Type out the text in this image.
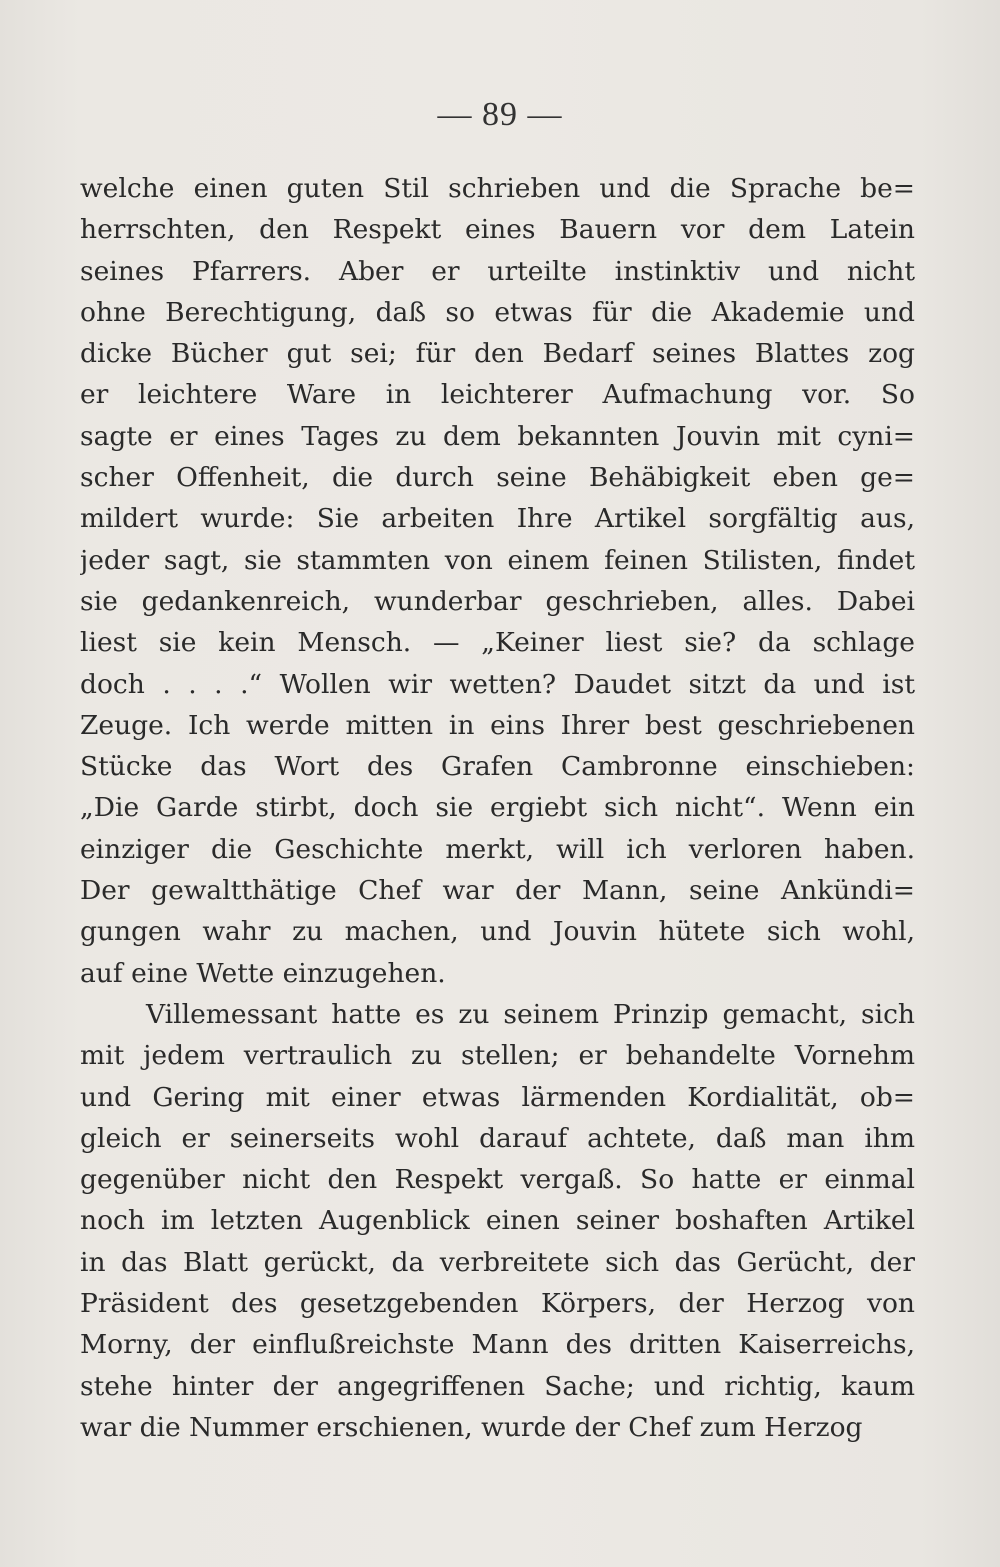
— 89 —
welche einen guten Stil schrieben und die Sprache be=
herrschten, den Respekt eines Bauern vor dem Latein
seines Pfarrers. Aber er urteilte instinktiv und nicht
ohne Berechtigung, daß so etwas für die Akademie und
dicke Bücher gut sei; für den Bedarf seines Blattes zog
er leichtere Ware in leichterer Aufmachung vor. So
sagte er eines Tages zu dem bekannten Jouvin mit cyni=
scher Offenheit, die durch seine Behäbigkeit eben ge=
mildert wurde: Sie arbeiten Ihre Artikel sorgfältig aus,
jeder sagt, sie stammten von einem feinen Stilisten, findet
sie gedankenreich, wunderbar geschrieben, alles. Dabei
liest sie kein Mensch. — „Keiner liest sie? da schlage
doch . . . .“ Wollen wir wetten? Daudet sitzt da und ist
Zeuge. Ich werde mitten in eins Ihrer best geschriebenen
Stücke das Wort des Grafen Cambronne einschieben:
„Die Garde stirbt, doch sie ergiebt sich nicht“. Wenn ein
einziger die Geschichte merkt, will ich verloren haben.
Der gewaltthätige Chef war der Mann, seine Ankündi=
gungen wahr zu machen, und Jouvin hütete sich wohl,
auf eine Wette einzugehen.
Villemessant hatte es zu seinem Prinzip gemacht, sich
mit jedem vertraulich zu stellen; er behandelte Vornehm
und Gering mit einer etwas lärmenden Kordialität, ob=
gleich er seinerseits wohl darauf achtete, daß man ihm
gegenüber nicht den Respekt vergaß. So hatte er einmal
noch im letzten Augenblick einen seiner boshaften Artikel
in das Blatt gerückt, da verbreitete sich das Gerücht, der
Präsident des gesetzgebenden Körpers, der Herzog von
Morny, der einflußreichste Mann des dritten Kaiserreichs,
stehe hinter der angegriffenen Sache; und richtig, kaum
war die Nummer erschienen, wurde der Chef zum Herzog
